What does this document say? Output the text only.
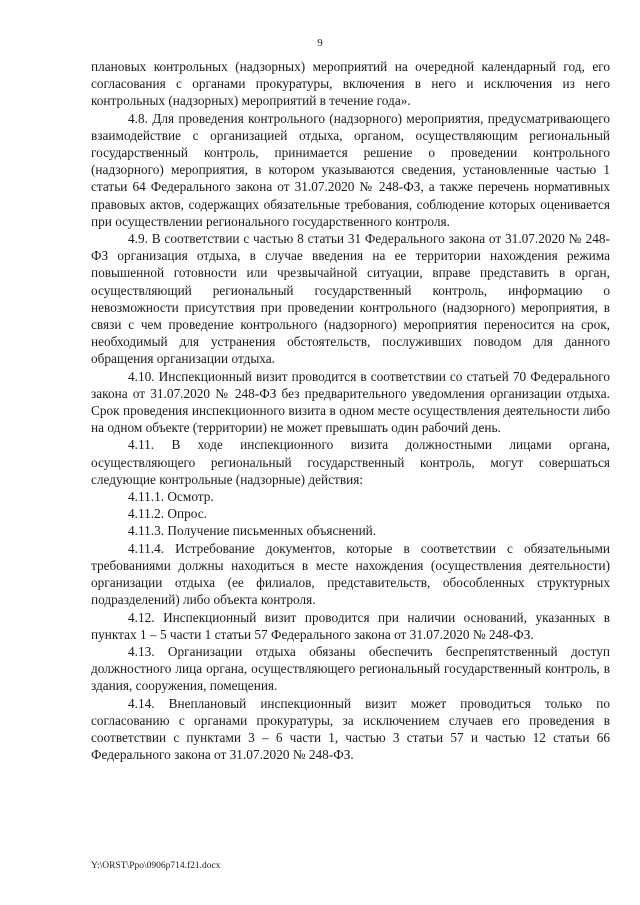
9

плановых контрольных (надзорных) мероприятий на очередной календарный год, его согласования с органами прокуратуры, включения в него и исключения из него контрольных (надзорных) мероприятий в течение года».

4.8. Для проведения контрольного (надзорного) мероприятия, предусматривающего взаимодействие с организацией отдыха, органом, осуществляющим региональный государственный контроль, принимается решение о проведении контрольного (надзорного) мероприятия, в котором указываются сведения, установленные частью 1 статьи 64 Федерального закона от 31.07.2020 № 248-ФЗ, а также перечень нормативных правовых актов, содержащих обязательные требования, соблюдение которых оценивается при осуществлении регионального государственного контроля.

4.9. В соответствии с частью 8 статьи 31 Федерального закона от 31.07.2020 № 248-ФЗ организация отдыха, в случае введения на ее территории нахождения режима повышенной готовности или чрезвычайной ситуации, вправе представить в орган, осуществляющий региональный государственный контроль, информацию о невозможности присутствия при проведении контрольного (надзорного) мероприятия, в связи с чем проведение контрольного (надзорного) мероприятия переносится на срок, необходимый для устранения обстоятельств, послуживших поводом для данного обращения организации отдыха.

4.10. Инспекционный визит проводится в соответствии со статьей 70 Федерального закона от 31.07.2020 № 248-ФЗ без предварительного уведомления организации отдыха. Срок проведения инспекционного визита в одном месте осуществления деятельности либо на одном объекте (территории) не может превышать один рабочий день.

4.11. В ходе инспекционного визита должностными лицами органа, осуществляющего региональный государственный контроль, могут совершаться следующие контрольные (надзорные) действия:

4.11.1. Осмотр.

4.11.2. Опрос.

4.11.3. Получение письменных объяснений.

4.11.4. Истребование документов, которые в соответствии с обязательными требованиями должны находиться в месте нахождения (осуществления деятельности) организации отдыха (ее филиалов, представительств, обособленных структурных подразделений) либо объекта контроля.

4.12. Инспекционный визит проводится при наличии оснований, указанных в пунктах 1 – 5 части 1 статьи 57 Федерального закона от 31.07.2020 № 248-ФЗ.

4.13. Организации отдыха обязаны обеспечить беспрепятственный доступ должностного лица органа, осуществляющего региональный государственный контроль, в здания, сооружения, помещения.

4.14. Внеплановый инспекционный визит может проводиться только по согласованию с органами прокуратуры, за исключением случаев его проведения в соответствии с пунктами 3 – 6 части 1, частью 3 статьи 57 и частью 12 статьи 66 Федерального закона от 31.07.2020 № 248-ФЗ.

Y:\ORST\Ppo\0906p714.f21.docx
